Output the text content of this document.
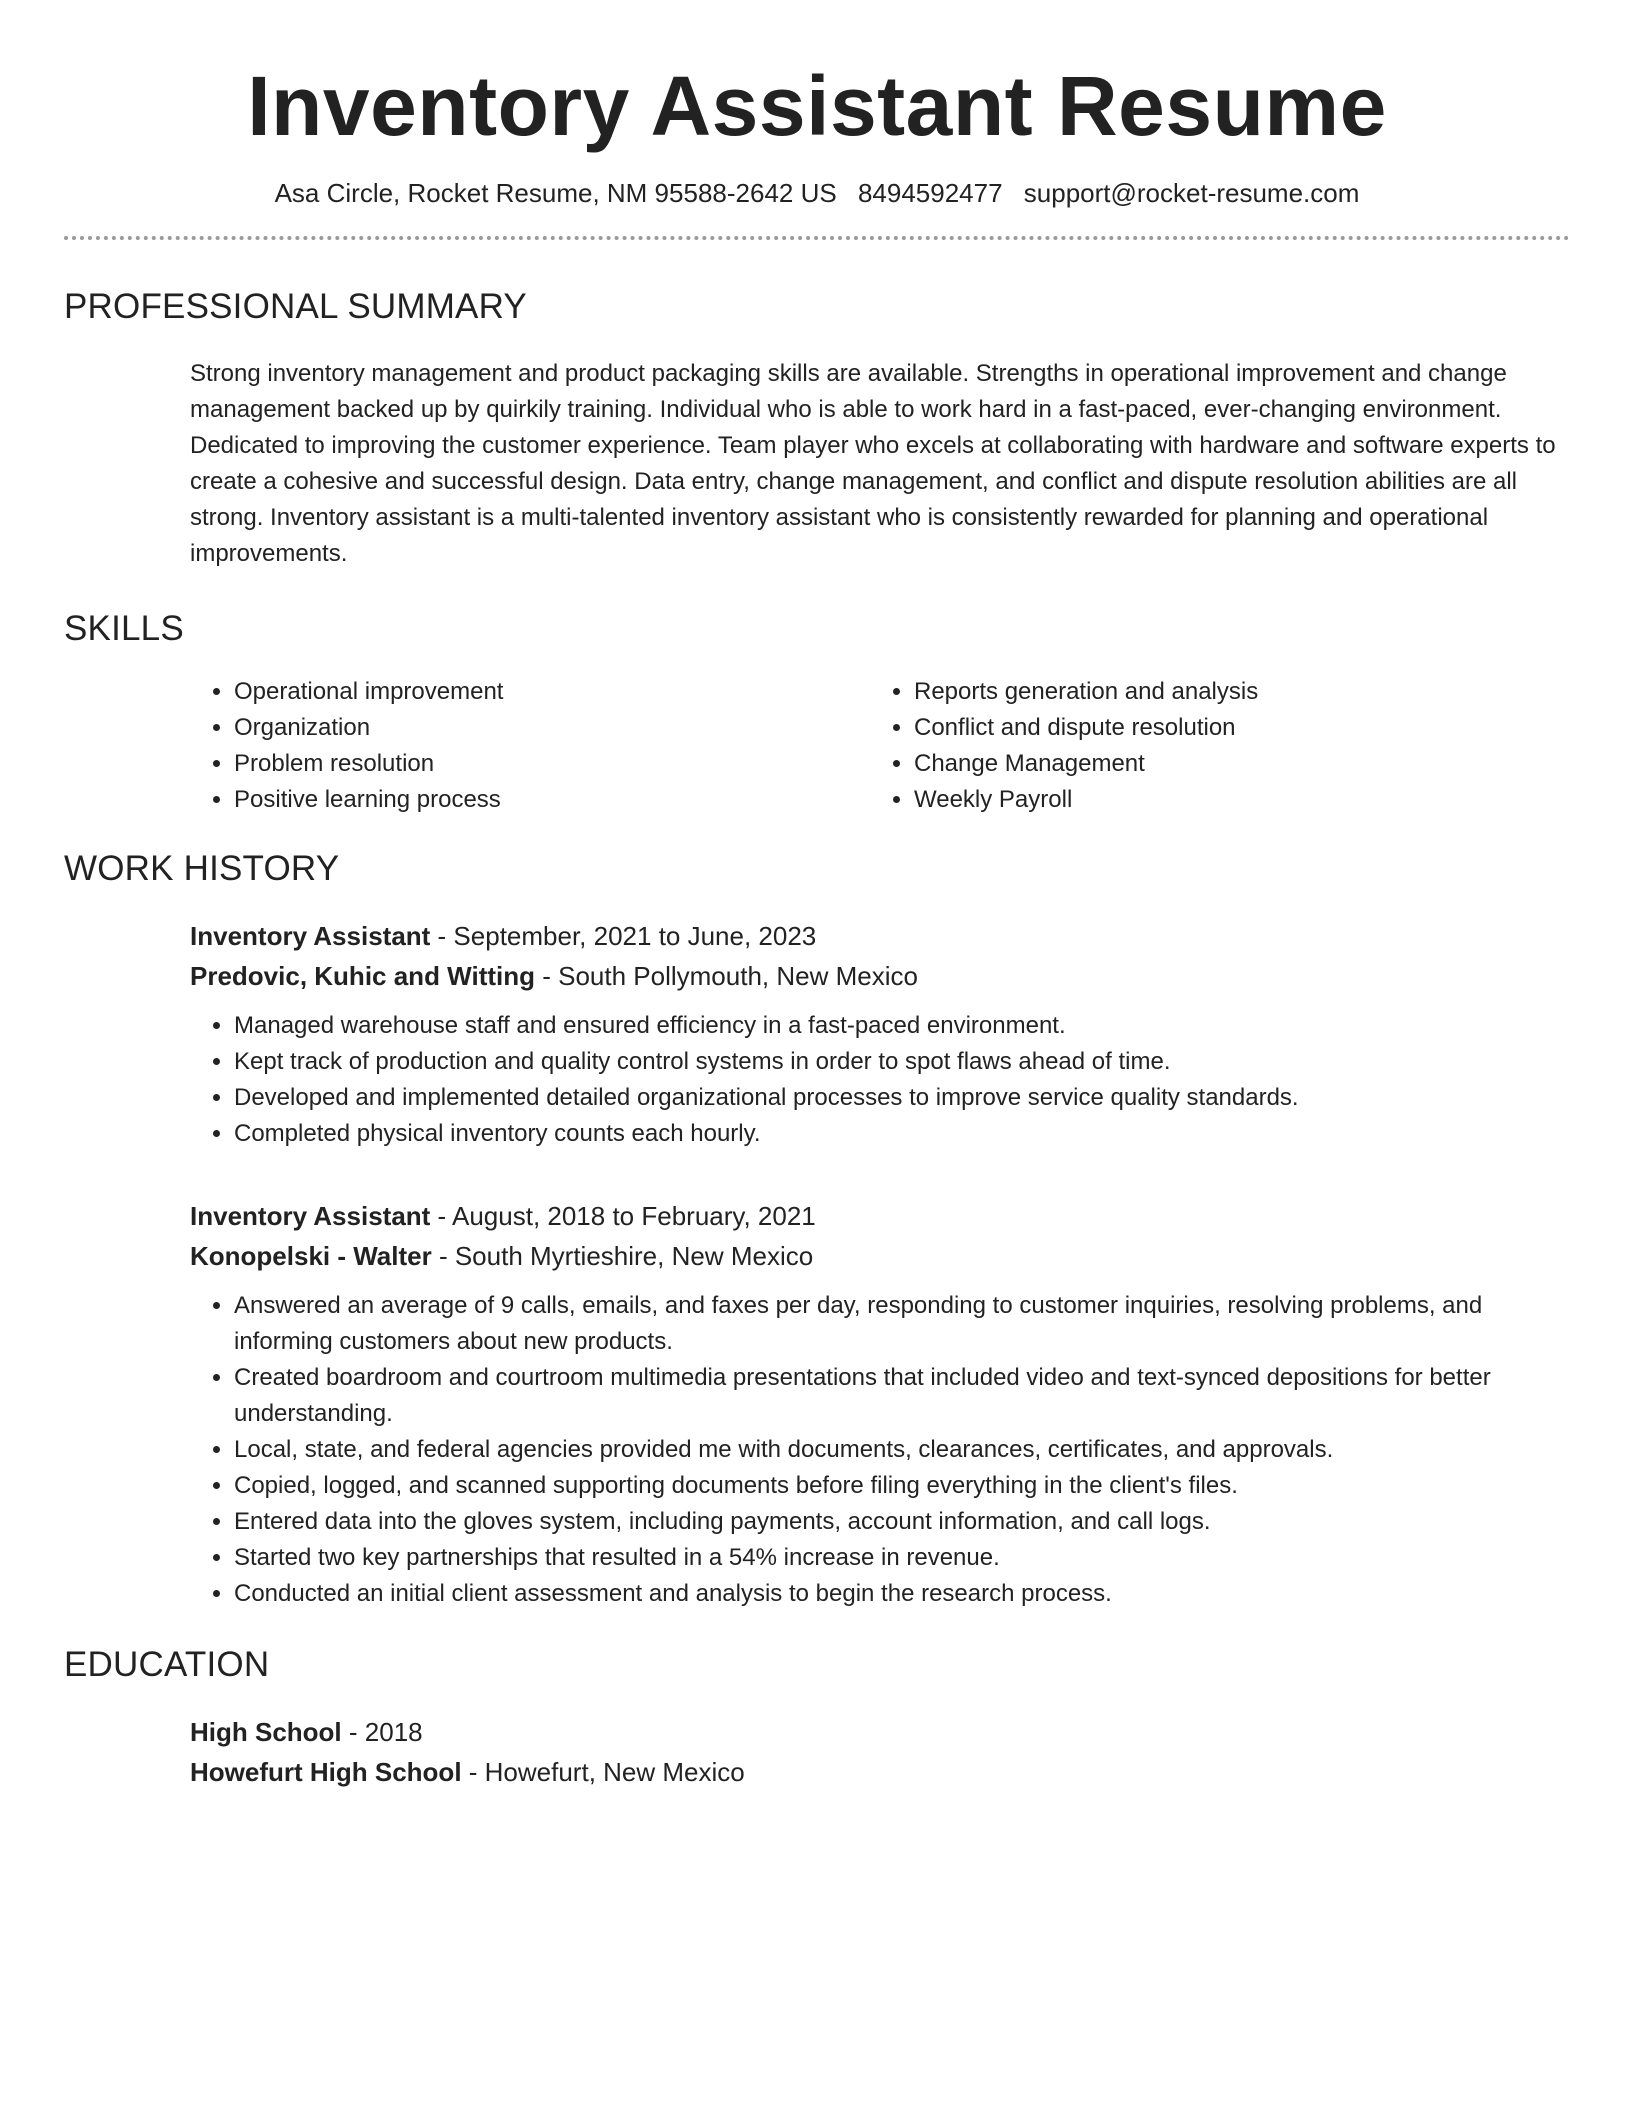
Inventory Assistant Resume
Asa Circle, Rocket Resume, NM 95588-2642 US 8494592477 support@rocket-resume.com
PROFESSIONAL SUMMARY

Strong inventory management and product packaging skills are available. Strengths in operational improvement and change management backed up by quirkily training. Individual who is able to work hard in a fast-paced, ever-changing environment. Dedicated to improving the customer experience. Team player who excels at collaborating with hardware and software experts to create a cohesive and successful design. Data entry, change management, and conflict and dispute resolution abilities are all strong. Inventory assistant is a multi-talented inventory assistant who is consistently rewarded for planning and operational improvements.

SKILLS
• Operational improvement
• Organization
• Problem resolution
• Positive learning process
• Reports generation and analysis
• Conflict and dispute resolution
• Change Management
• Weekly Payroll
WORK HISTORY
Inventory Assistant - September, 2021 to June, 2023
Predovic, Kuhic and Witting - South Pollymouth, New Mexico
• Managed warehouse staff and ensured efficiency in a fast-paced environment.
• Kept track of production and quality control systems in order to spot flaws ahead of time.
• Developed and implemented detailed organizational processes to improve service quality standards.
• Completed physical inventory counts each hourly.
Inventory Assistant - August, 2018 to February, 2021
Konopelski - Walter - South Myrtieshire, New Mexico
• Answered an average of 9 calls, emails, and faxes per day, responding to customer inquiries, resolving problems, and informing customers about new products.
• Created boardroom and courtroom multimedia presentations that included video and text-synced depositions for better understanding.
• Local, state, and federal agencies provided me with documents, clearances, certificates, and approvals.
• Copied, logged, and scanned supporting documents before filing everything in the client's files.
• Entered data into the gloves system, including payments, account information, and call logs.
• Started two key partnerships that resulted in a 54% increase in revenue.
• Conducted an initial client assessment and analysis to begin the research process.
EDUCATION
High School - 2018
Howefurt High School - Howefurt, New Mexico
